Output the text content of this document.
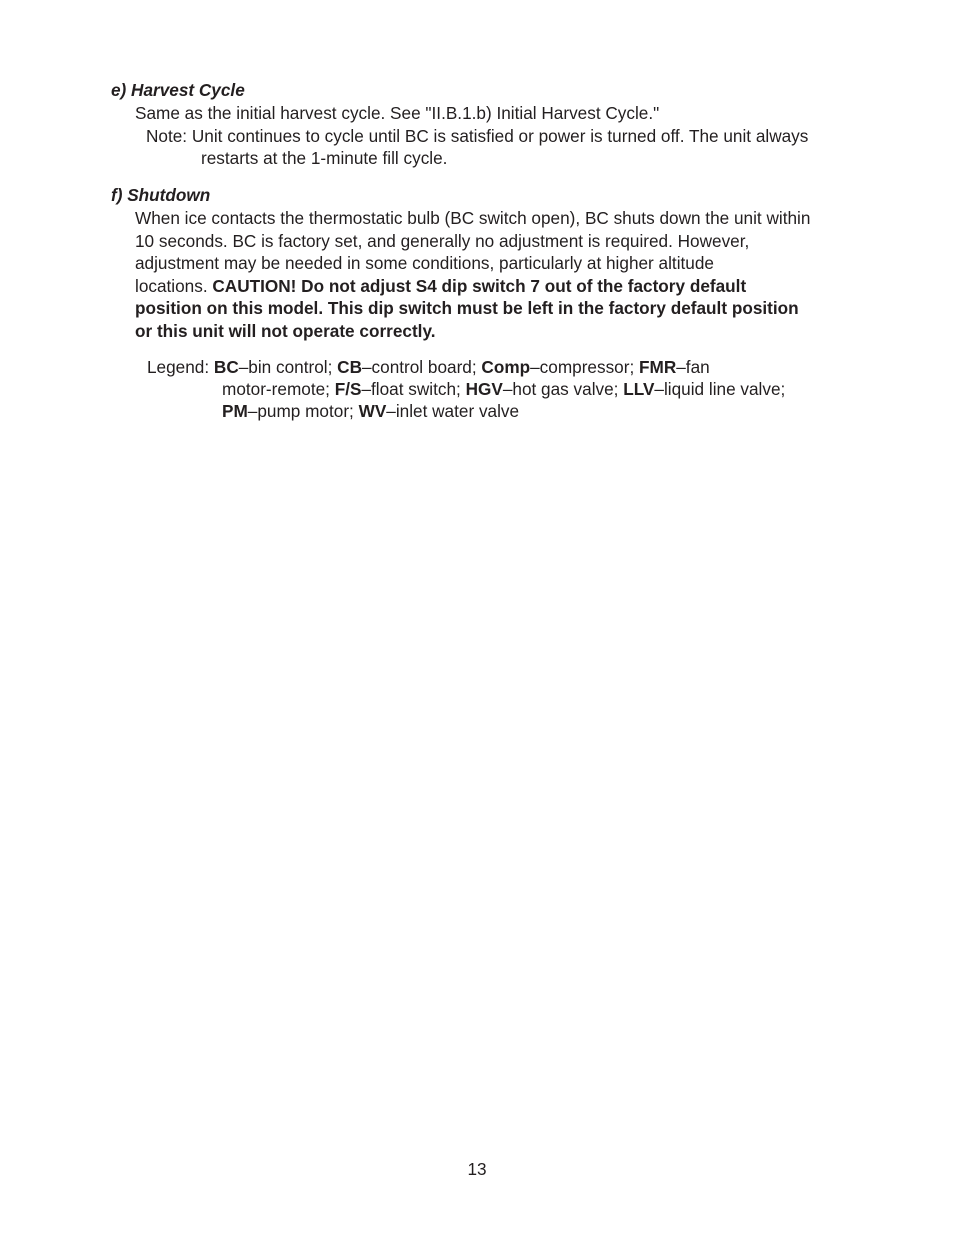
e) Harvest Cycle
Same as the initial harvest cycle. See "II.B.1.b) Initial Harvest Cycle."
Note: Unit continues to cycle until BC is satisfied or power is turned off. The unit always
restarts at the 1-minute fill cycle.
f) Shutdown
When ice contacts the thermostatic bulb (BC switch open), BC shuts down the unit within
10 seconds. BC is factory set, and generally no adjustment is required. However,
adjustment may be needed in some conditions, particularly at higher altitude
locations. CAUTION! Do not adjust S4 dip switch 7 out of the factory default
position on this model. This dip switch must be left in the factory default position
or this unit will not operate correctly.
Legend: BC–bin control; CB–control board; Comp–compressor; FMR–fan
motor-remote; F/S–float switch; HGV–hot gas valve; LLV–liquid line valve;
PM–pump motor; WV–inlet water valve
13
